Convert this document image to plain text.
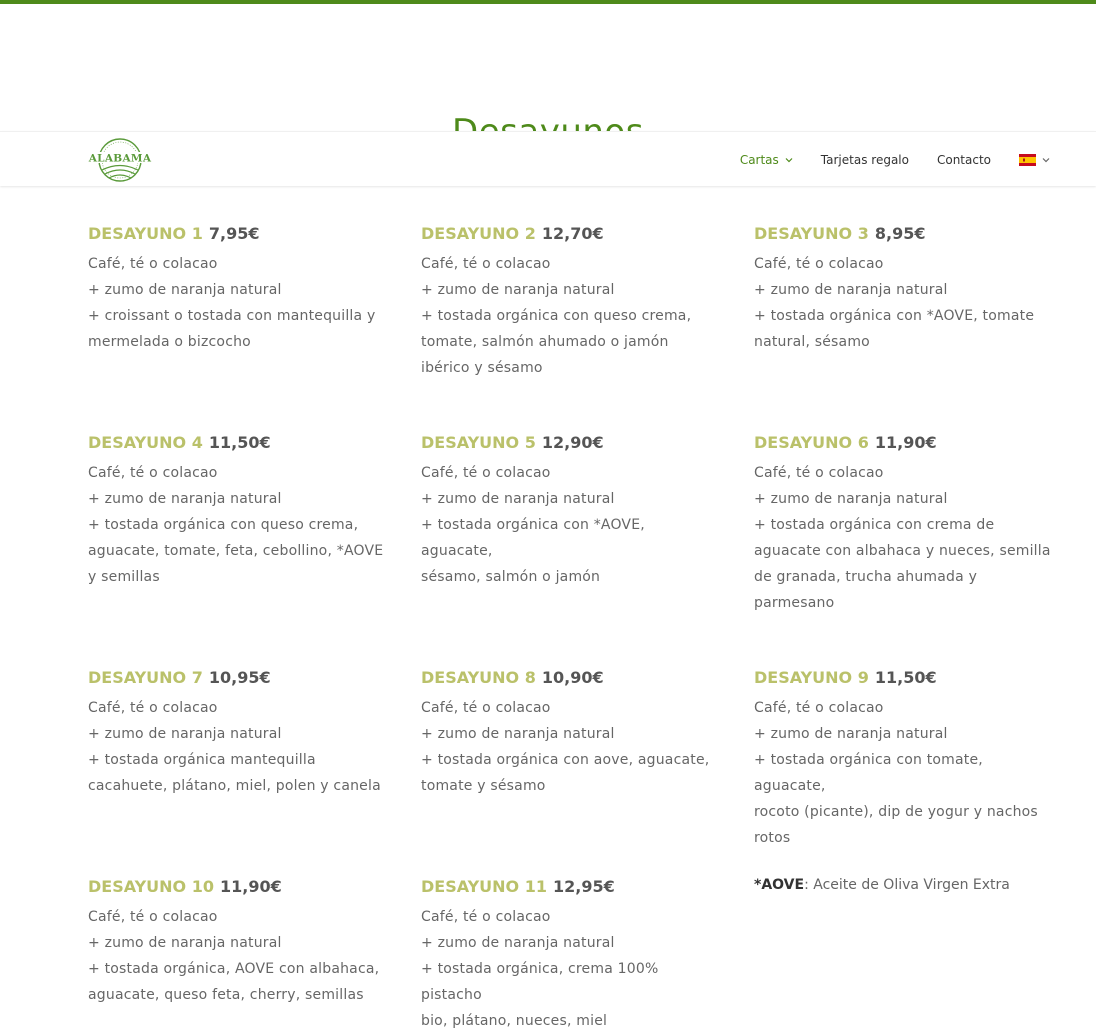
DESAYUNO 1 7,95€
Café, té o colacao
+ zumo de naranja natural
+ croissant o tostada con mantequilla y
mermelada o bizcocho
DESAYUNO 2 12,70€
Café, té o colacao
+ zumo de naranja natural
+ tostada orgánica con queso crema,
tomate, salmón ahumado o jamón
ibérico y sésamo
DESAYUNO 3 8,95€
Café, té o colacao
+ zumo de naranja natural
+ tostada orgánica con *AOVE, tomate
natural, sésamo
DESAYUNO 4 11,50€
Café, té o colacao
+ zumo de naranja natural
+ tostada orgánica con queso crema,
aguacate, tomate, feta, cebollino, *AOVE
y semillas
DESAYUNO 5 12,90€
Café, té o colacao
+ zumo de naranja natural
+ tostada orgánica con *AOVE, aguacate,
sésamo, salmón o jamón
DESAYUNO 6 11,90€
Café, té o colacao
+ zumo de naranja natural
+ tostada orgánica con crema de
aguacate con albahaca y nueces, semilla
de granada, trucha ahumada y
parmesano
DESAYUNO 7 10,95€
Café, té o colacao
+ zumo de naranja natural
+ tostada orgánica mantequilla
cacahuete, plátano, miel, polen y canela
DESAYUNO 8 10,90€
Café, té o colacao
+ zumo de naranja natural
+ tostada orgánica con aove, aguacate,
tomate y sésamo
DESAYUNO 9 11,50€
Café, té o colacao
+ zumo de naranja natural
+ tostada orgánica con tomate, aguacate,
rocoto (picante), dip de yogur y nachos
rotos
DESAYUNO 10 11,90€
Café, té o colacao
+ zumo de naranja natural
+ tostada orgánica, AOVE con albahaca,
aguacate, queso feta, cherry, semillas
DESAYUNO 11 12,95€
Café, té o colacao
+ zumo de naranja natural
+ tostada orgánica, crema 100% pistacho
bio, plátano, nueces, miel
*AOVE: Aceite de Oliva Virgen Extra
ALABAMA	Cartas	Tarjetas regalo Contacto
